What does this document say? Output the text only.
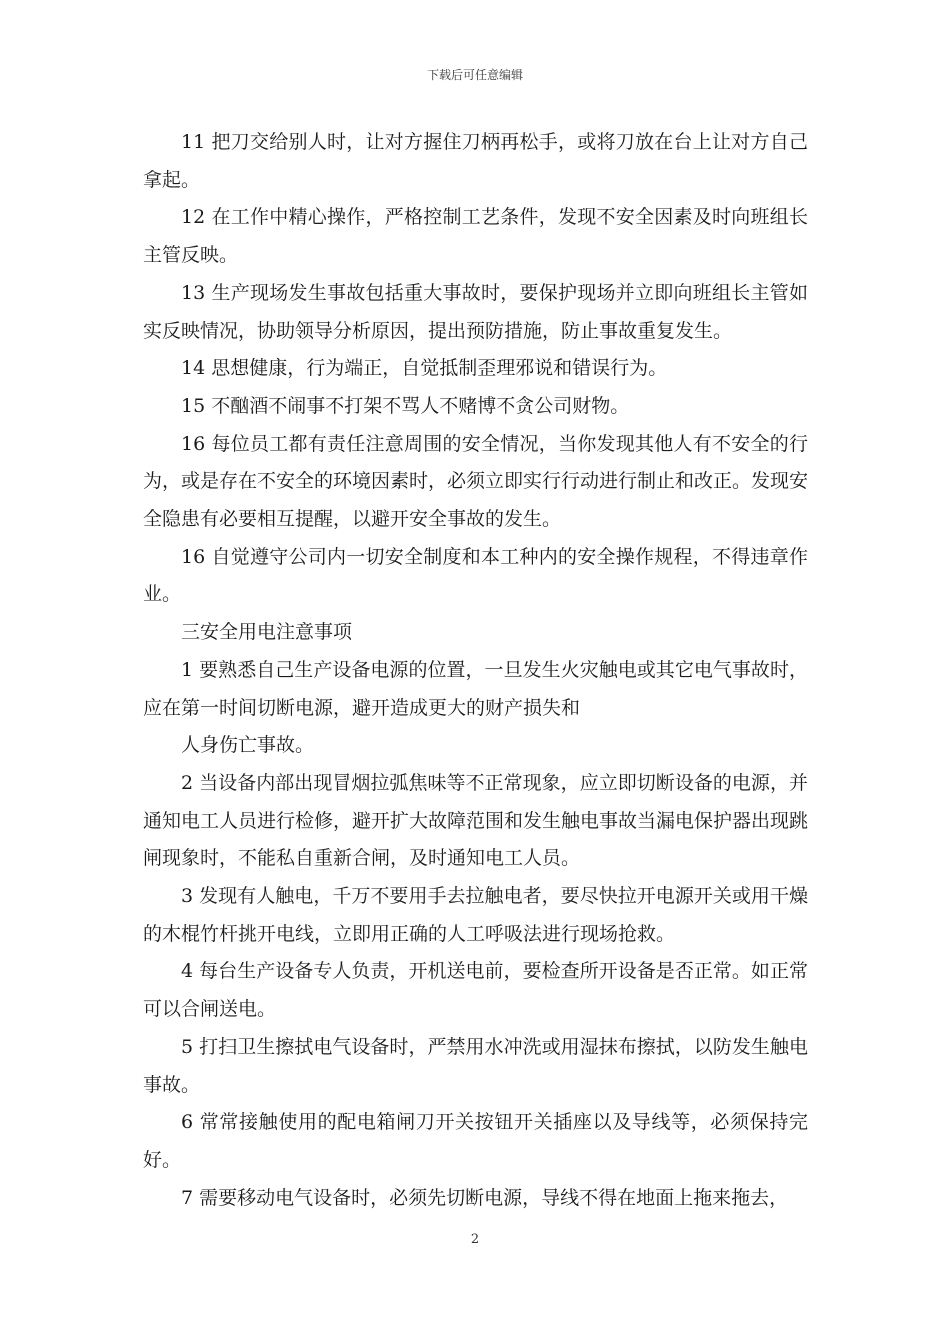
下载后可任意编辑

11 把刀交给别人时，让对方握住刀柄再松手，或将刀放在台上让对方自己拿起。

12 在工作中精心操作，严格控制工艺条件，发现不安全因素及时向班组长主管反映。

13 生产现场发生事故包括重大事故时，要保护现场并立即向班组长主管如实反映情况，协助领导分析原因，提出预防措施，防止事故重复发生。

14 思想健康，行为端正，自觉抵制歪理邪说和错误行为。

15 不酗酒不闹事不打架不骂人不赌博不贪公司财物。

16 每位员工都有责任注意周围的安全情况，当你发现其他人有不安全的行为，或是存在不安全的环境因素时，必须立即实行行动进行制止和改正。发现安全隐患有必要相互提醒，以避开安全事故的发生。

16 自觉遵守公司内一切安全制度和本工种内的安全操作规程，不得违章作业。

三安全用电注意事项

1 要熟悉自己生产设备电源的位置，一旦发生火灾触电或其它电气事故时，应在第一时间切断电源，避开造成更大的财产损失和

人身伤亡事故。

2 当设备内部出现冒烟拉弧焦味等不正常现象，应立即切断设备的电源，并通知电工人员进行检修，避开扩大故障范围和发生触电事故当漏电保护器出现跳闸现象时，不能私自重新合闸，及时通知电工人员。

3 发现有人触电，千万不要用手去拉触电者，要尽快拉开电源开关或用干燥的木棍竹杆挑开电线，立即用正确的人工呼吸法进行现场抢救。

4 每台生产设备专人负责，开机送电前，要检查所开设备是否正常。如正常可以合闸送电。

5 打扫卫生擦拭电气设备时，严禁用水冲洗或用湿抹布擦拭，以防发生触电事故。

6 常常接触使用的配电箱闸刀开关按钮开关插座以及导线等，必须保持完好。

7 需要移动电气设备时，必须先切断电源，导线不得在地面上拖来拖去，

2
